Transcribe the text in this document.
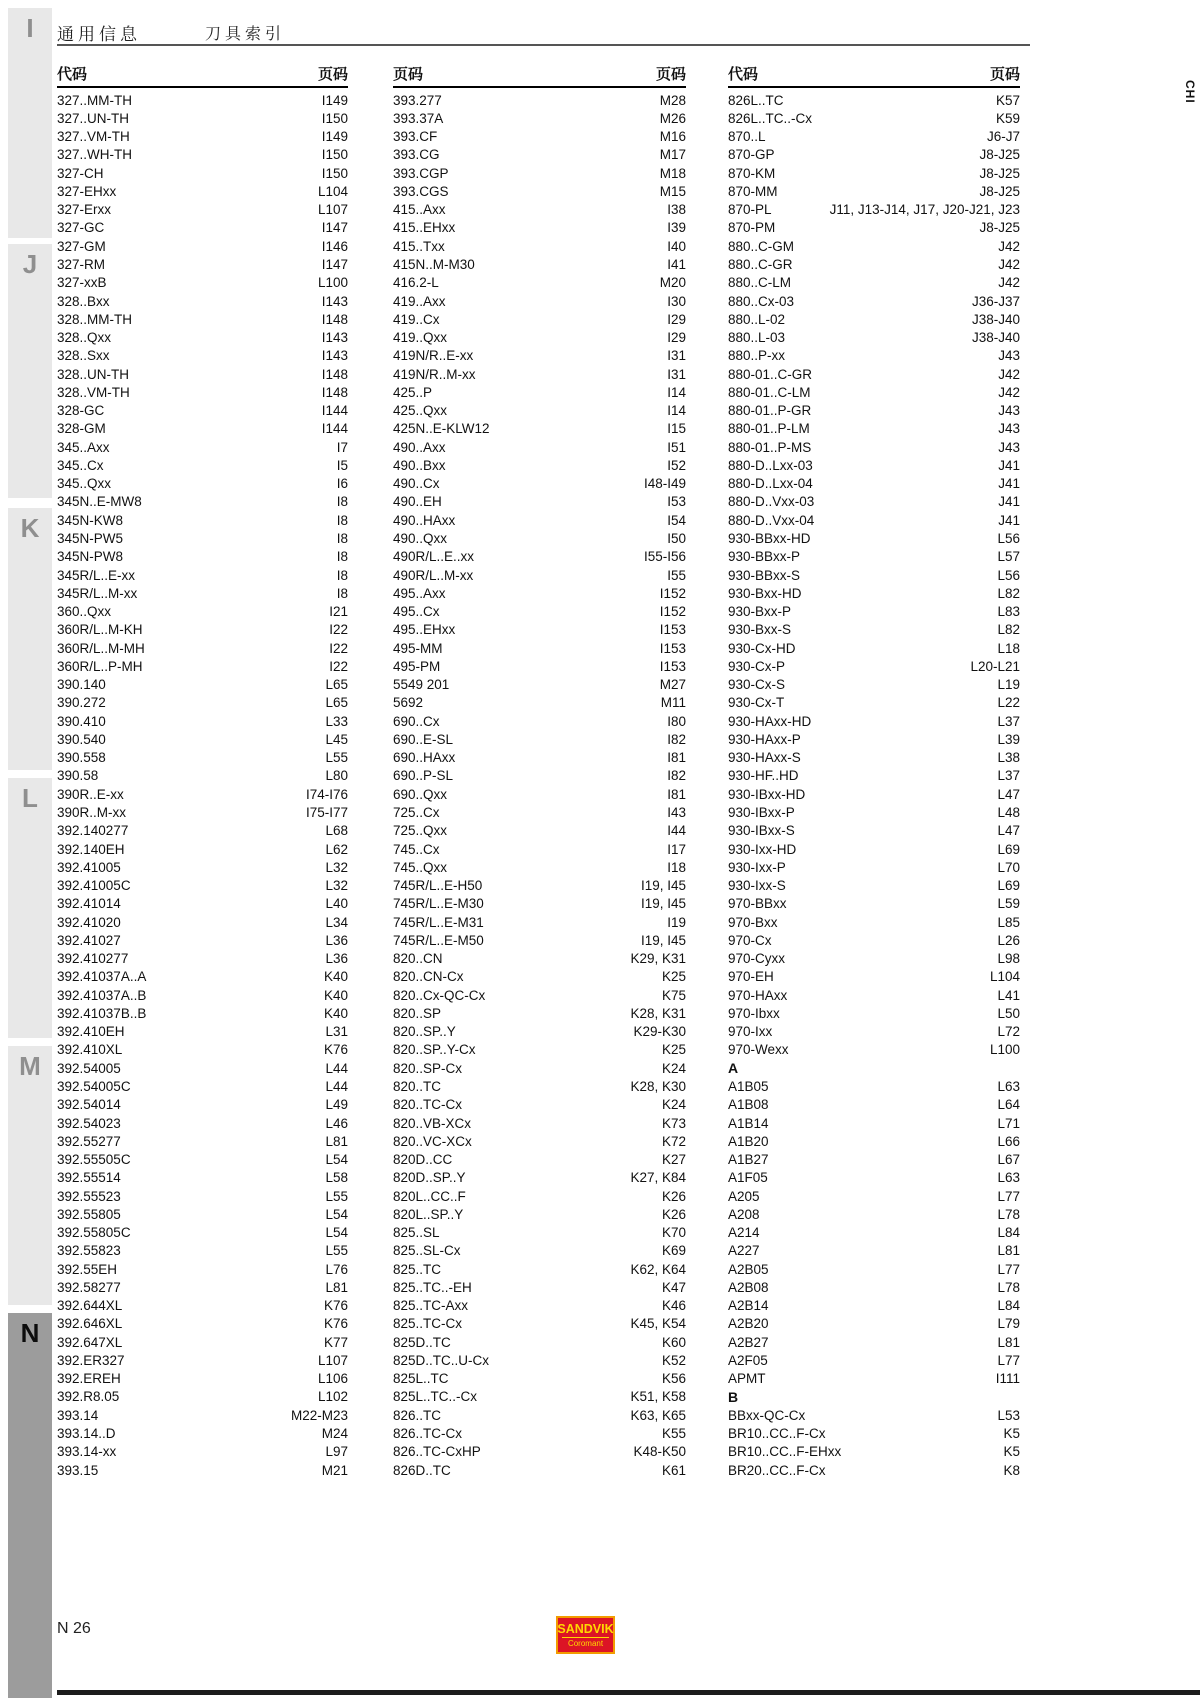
I
J
K
L
M
N
通用信息	刀具索引
CHI
代码	页码
327..MM-TH	I149
327..UN-TH	I150
327..VM-TH	I149
327..WH-TH	I150
327-CH	I150
327-EHxx	L104
327-Erxx	L107
327-GC	I147
327-GM	I146
327-RM	I147
327-xxB	L100
328..Bxx	I143
328..MM-TH	I148
328..Qxx	I143
328..Sxx	I143
328..UN-TH	I148
328..VM-TH	I148
328-GC	I144
328-GM	I144
345..Axx	I7
345..Cx	I5
345..Qxx	I6
345N..E-MW8	I8
345N-KW8	I8
345N-PW5	I8
345N-PW8	I8
345R/L..E-xx	I8
345R/L..M-xx	I8
360..Qxx	I21
360R/L..M-KH	I22
360R/L..M-MH	I22
360R/L..P-MH	I22
390.140	L65
390.272	L65
390.410	L33
390.540	L45
390.558	L55
390.58	L80
390R..E-xx	I74-I76
390R..M-xx	I75-I77
392.140277	L68
392.140EH	L62
392.41005	L32
392.41005C	L32
392.41014	L40
392.41020	L34
392.41027	L36
392.410277	L36
392.41037A..A	K40
392.41037A..B	K40
392.41037B..B	K40
392.410EH	L31
392.410XL	K76
392.54005	L44
392.54005C	L44
392.54014	L49
392.54023	L46
392.55277	L81
392.55505C	L54
392.55514	L58
392.55523	L55
392.55805	L54
392.55805C	L54
392.55823	L55
392.55EH	L76
392.58277	L81
392.644XL	K76
392.646XL	K76
392.647XL	K77
392.ER327	L107
392.EREH	L106
392.R8.05	L102
393.14	M22-M23
393.14..D	M24
393.14-xx	L97
393.15	M21
页码	页码
393.277	M28
393.37A	M26
393.CF	M16
393.CG	M17
393.CGP	M18
393.CGS	M15
415..Axx	I38
415..EHxx	I39
415..Txx	I40
415N..M-M30	I41
416.2-L	M20
419..Axx	I30
419..Cx	I29
419..Qxx	I29
419N/R..E-xx	I31
419N/R..M-xx	I31
425..P	I14
425..Qxx	I14
425N..E-KLW12	I15
490..Axx	I51
490..Bxx	I52
490..Cx	I48-I49
490..EH	I53
490..HAxx	I54
490..Qxx	I50
490R/L..E..xx	I55-I56
490R/L..M-xx	I55
495..Axx	I152
495..Cx	I152
495..EHxx	I153
495-MM	I153
495-PM	I153
5549 201	M27
5692	M11
690..Cx	I80
690..E-SL	I82
690..HAxx	I81
690..P-SL	I82
690..Qxx	I81
725..Cx	I43
725..Qxx	I44
745..Cx	I17
745..Qxx	I18
745R/L..E-H50	I19, I45
745R/L..E-M30	I19, I45
745R/L..E-M31	I19
745R/L..E-M50	I19, I45
820..CN	K29, K31
820..CN-Cx	K25
820..Cx-QC-Cx	K75
820..SP	K28, K31
820..SP..Y	K29-K30
820..SP..Y-Cx	K25
820..SP-Cx	K24
820..TC	K28, K30
820..TC-Cx	K24
820..VB-XCx	K73
820..VC-XCx	K72
820D..CC	K27
820D..SP..Y	K27, K84
820L..CC..F	K26
820L..SP..Y	K26
825..SL	K70
825..SL-Cx	K69
825..TC	K62, K64
825..TC..-EH	K47
825..TC-Axx	K46
825..TC-Cx	K45, K54
825D..TC	K60
825D..TC..U-Cx	K52
825L..TC	K56
825L..TC..-Cx	K51, K58
826..TC	K63, K65
826..TC-Cx	K55
826..TC-CxHP	K48-K50
826D..TC	K61
代码	页码
826L..TC	K57
826L..TC..-Cx	K59
870..L	J6-J7
870-GP	J8-J25
870-KM	J8-J25
870-MM	J8-J25
870-PL	J11, J13-J14, J17, J20-J21, J23
870-PM	J8-J25
880..C-GM	J42
880..C-GR	J42
880..C-LM	J42
880..Cx-03	J36-J37
880..L-02	J38-J40
880..L-03	J38-J40
880..P-xx	J43
880-01..C-GR	J42
880-01..C-LM	J42
880-01..P-GR	J43
880-01..P-LM	J43
880-01..P-MS	J43
880-D..Lxx-03	J41
880-D..Lxx-04	J41
880-D..Vxx-03	J41
880-D..Vxx-04	J41
930-BBxx-HD	L56
930-BBxx-P	L57
930-BBxx-S	L56
930-Bxx-HD	L82
930-Bxx-P	L83
930-Bxx-S	L82
930-Cx-HD	L18
930-Cx-P	L20-L21
930-Cx-S	L19
930-Cx-T	L22
930-HAxx-HD	L37
930-HAxx-P	L39
930-HAxx-S	L38
930-HF..HD	L37
930-IBxx-HD	L47
930-IBxx-P	L48
930-IBxx-S	L47
930-Ixx-HD	L69
930-Ixx-P	L70
930-Ixx-S	L69
970-BBxx	L59
970-Bxx	L85
970-Cx	L26
970-Cyxx	L98
970-EH	L104
970-HAxx	L41
970-Ibxx	L50
970-Ixx	L72
970-Wexx	L100
A
A1B05	L63
A1B08	L64
A1B14	L71
A1B20	L66
A1B27	L67
A1F05	L63
A205	L77
A208	L78
A214	L84
A227	L81
A2B05	L77
A2B08	L78
A2B14	L84
A2B20	L79
A2B27	L81
A2F05	L77
APMT	I111
B
BBxx-QC-Cx	L53
BR10..CC..F-Cx	K5
BR10..CC..F-EHxx	K5
BR20..CC..F-Cx	K8
N 26	SANDVIK
Coromant
